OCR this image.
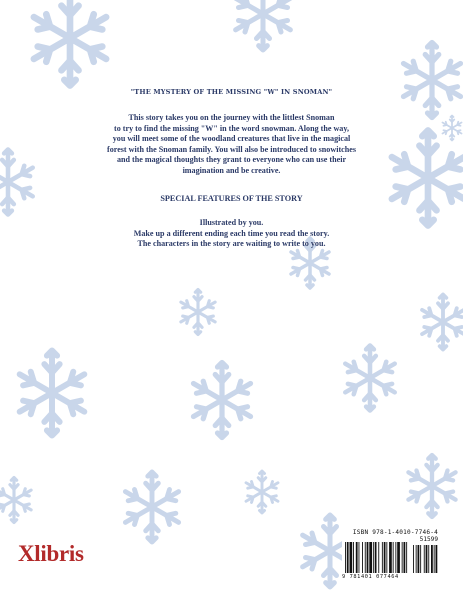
"THE MYSTERY OF THE MISSING "W" IN SNOMAN"
This story takes you on the journey with the littlest Snoman
to try to find the missing "W" in the word snowman. Along the way,
you will meet some of the woodland creatures that live in the magical
forest with the Snoman family. You will also be introduced to snowitches
and the magical thoughts they grant to everyone who can use their
imagination and be creative.
SPECIAL FEATURES OF THE STORY
Illustrated by you.
Make up a different ending each time you read the story.
The characters in the story are waiting to write to you.
Xlibris
ISBN 978-1-4010-7746-4
51599
9 781401 077464
